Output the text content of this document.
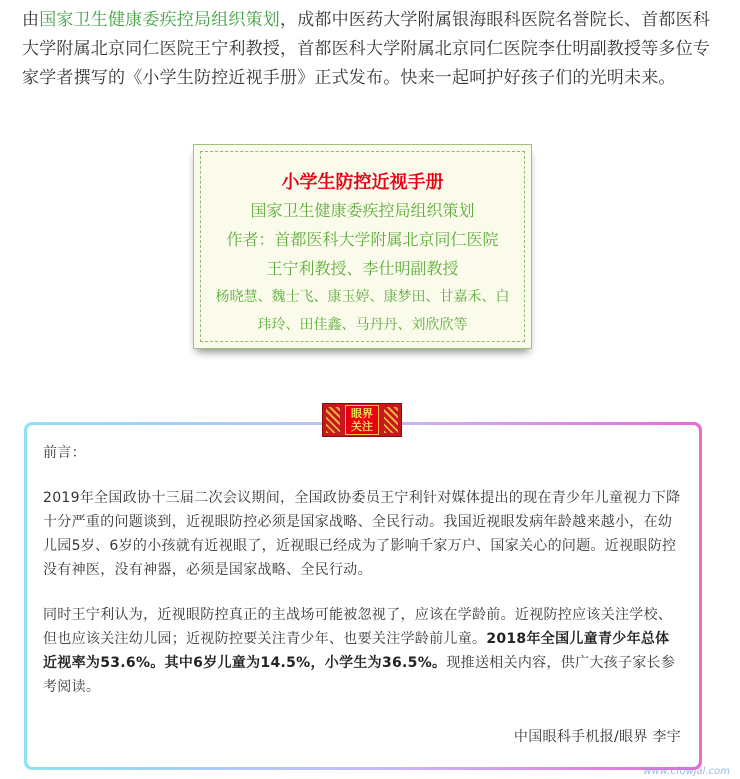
由国家卫生健康委疾控局组织策划，成都中医药大学附属银海眼科医院名誉院长、首都医科大学附属北京同仁医院王宁利教授，首都医科大学附属北京同仁医院李仕明副教授等多位专家学者撰写的《小学生防控近视手册》正式发布。快来一起呵护好孩子们的光明未来。
小学生防控近视手册
国家卫生健康委疾控局组织策划
作者：首都医科大学附属北京同仁医院
王宁利教授、李仕明副教授
杨晓慧、魏士飞、康玉婷、康梦田、甘嘉禾、白玮玲、田佳鑫、马丹丹、刘欣欣等
眼界
关注
前言：

2019年全国政协十三届二次会议期间，全国政协委员王宁利针对媒体提出的现在青少年儿童视力下降十分严重的问题谈到，近视眼防控必须是国家战略、全民行动。我国近视眼发病年龄越来越小，在幼儿园5岁、6岁的小孩就有近视眼了，近视眼已经成为了影响千家万户、国家关心的问题。近视眼防控没有神医，没有神器，必须是国家战略、全民行动。

同时王宁利认为，近视眼防控真正的主战场可能被忽视了，应该在学龄前。近视防控应该关注学校、但也应该关注幼儿园；近视防控要关注青少年、也要关注学龄前儿童。2018年全国儿童青少年总体近视率为53.6%。其中6岁儿童为14.5%，小学生为36.5%。现推送相关内容，供广大孩子家长参考阅读。

中国眼科手机报/眼界 李宇
www.cfowjal.com
